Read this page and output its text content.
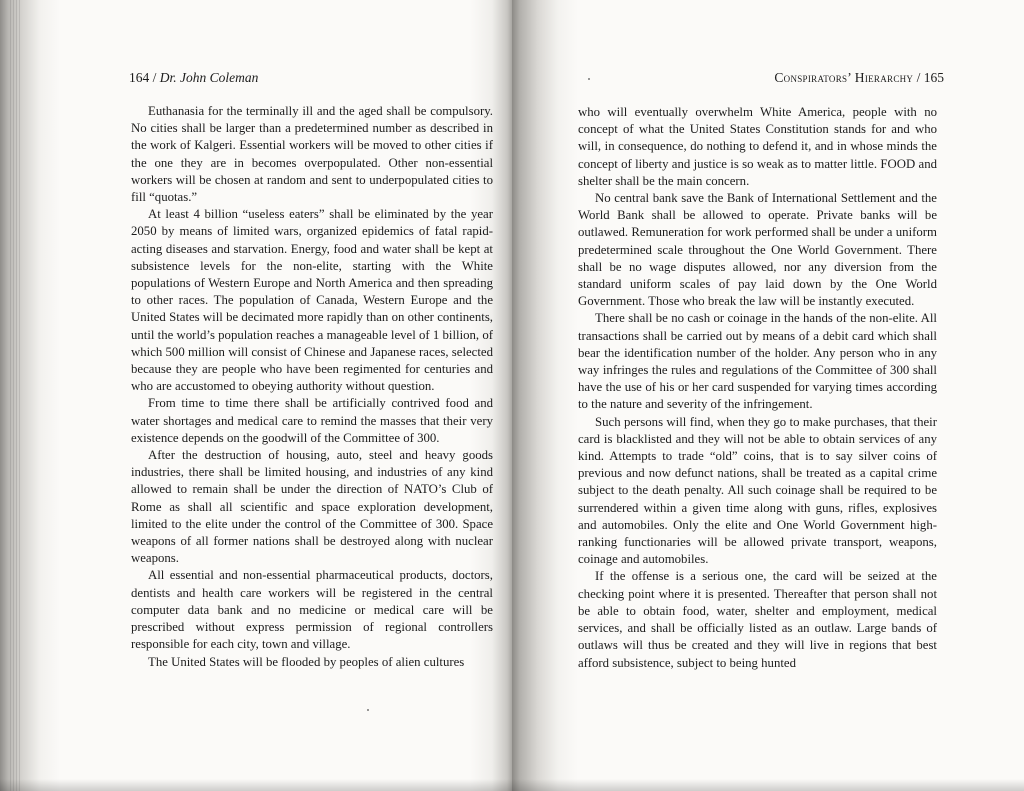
164 / Dr. John Coleman

Euthanasia for the terminally ill and the aged shall be compulsory. No cities shall be larger than a predetermined number as described in the work of Kalgeri. Essential workers will be moved to other cities if the one they are in becomes overpopulated. Other non-essential workers will be chosen at random and sent to underpopulated cities to fill “quotas.”

At least 4 billion “useless eaters” shall be eliminated by the year 2050 by means of limited wars, organized epidemics of fatal rapid-acting diseases and starvation. Energy, food and water shall be kept at subsistence levels for the non-elite, starting with the White populations of Western Europe and North America and then spreading to other races. The population of Canada, Western Europe and the United States will be decimated more rapidly than on other continents, until the world’s population reaches a manageable level of 1 billion, of which 500 million will consist of Chinese and Japanese races, selected because they are people who have been regimented for centuries and who are accustomed to obeying authority without question.

From time to time there shall be artificially contrived food and water shortages and medical care to remind the masses that their very existence depends on the goodwill of the Committee of 300.

After the destruction of housing, auto, steel and heavy goods industries, there shall be limited housing, and industries of any kind allowed to remain shall be under the direction of NATO’s Club of Rome as shall all scientific and space exploration development, limited to the elite under the control of the Committee of 300. Space weapons of all former nations shall be destroyed along with nuclear weapons.

All essential and non-essential pharmaceutical products, doctors, dentists and health care workers will be registered in the central computer data bank and no medicine or medical care will be prescribed without express permission of regional controllers responsible for each city, town and village.

The United States will be flooded by peoples of alien cultures

Conspirators’ Hierarchy / 165

who will eventually overwhelm White America, people with no concept of what the United States Constitution stands for and who will, in consequence, do nothing to defend it, and in whose minds the concept of liberty and justice is so weak as to matter little. FOOD and shelter shall be the main concern.

No central bank save the Bank of International Settlement and the World Bank shall be allowed to operate. Private banks will be outlawed. Remuneration for work performed shall be under a uniform predetermined scale throughout the One World Government. There shall be no wage disputes allowed, nor any diversion from the standard uniform scales of pay laid down by the One World Government. Those who break the law will be instantly executed.

There shall be no cash or coinage in the hands of the non-elite. All transactions shall be carried out by means of a debit card which shall bear the identification number of the holder. Any person who in any way infringes the rules and regulations of the Committee of 300 shall have the use of his or her card suspended for varying times according to the nature and severity of the infringement.

Such persons will find, when they go to make purchases, that their card is blacklisted and they will not be able to obtain services of any kind. Attempts to trade “old” coins, that is to say silver coins of previous and now defunct nations, shall be treated as a capital crime subject to the death penalty. All such coinage shall be required to be surrendered within a given time along with guns, rifles, explosives and automobiles. Only the elite and One World Government high-ranking functionaries will be allowed private transport, weapons, coinage and automobiles.

If the offense is a serious one, the card will be seized at the checking point where it is presented. Thereafter that person shall not be able to obtain food, water, shelter and employment, medical services, and shall be officially listed as an outlaw. Large bands of outlaws will thus be created and they will live in regions that best afford subsistence, subject to being hunted
